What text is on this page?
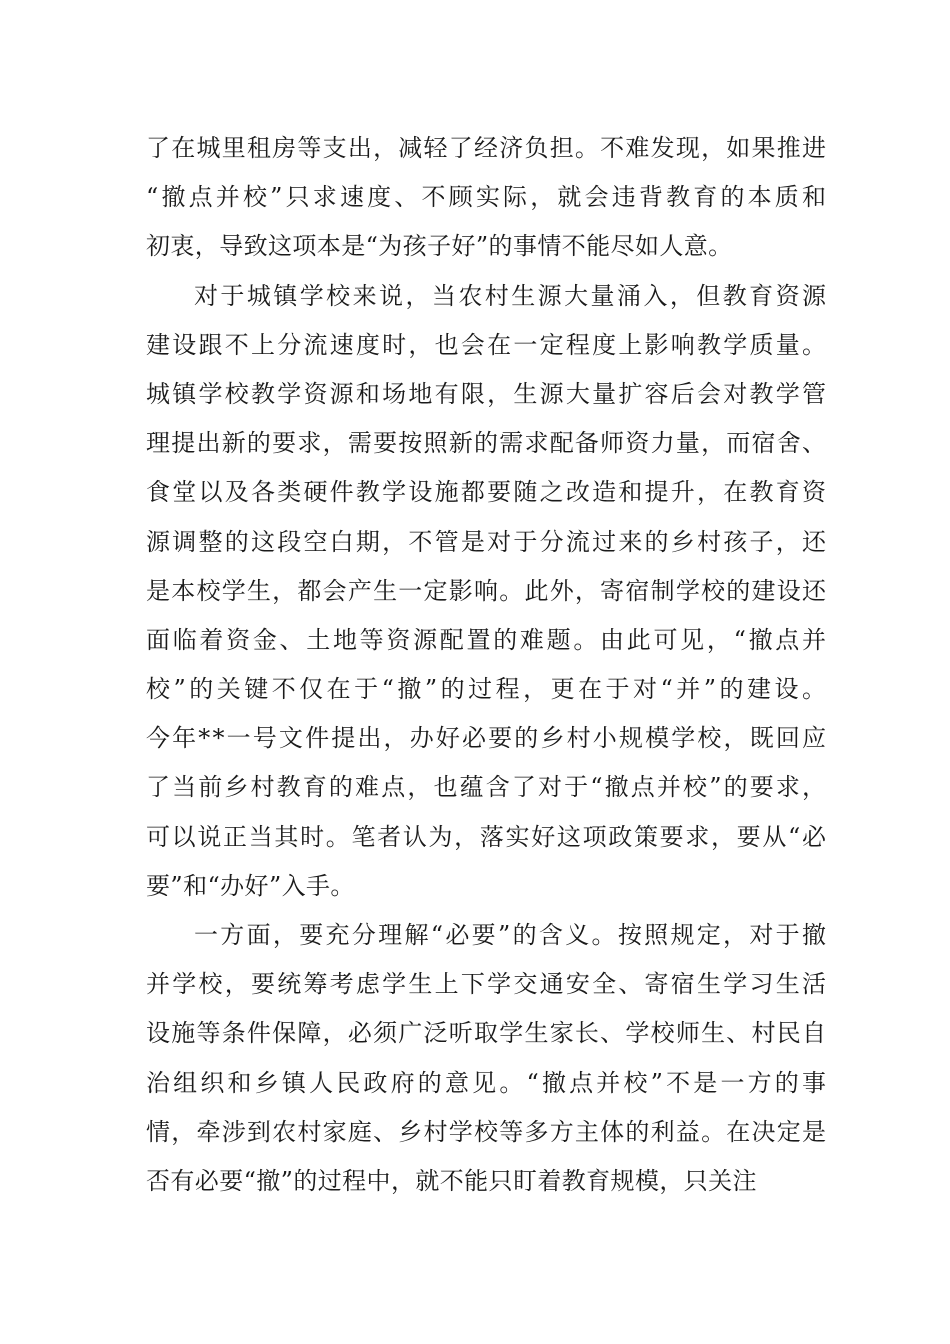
了在城里租房等支出，减轻了经济负担。不难发现，如果推进
“撤点并校”只求速度、不顾实际，就会违背教育的本质和
初衷，导致这项本是“为孩子好”的事情不能尽如人意。
对于城镇学校来说，当农村生源大量涌入，但教育资源
建设跟不上分流速度时，也会在一定程度上影响教学质量。
城镇学校教学资源和场地有限，生源大量扩容后会对教学管
理提出新的要求，需要按照新的需求配备师资力量，而宿舍、
食堂以及各类硬件教学设施都要随之改造和提升，在教育资
源调整的这段空白期，不管是对于分流过来的乡村孩子，还
是本校学生，都会产生一定影响。此外，寄宿制学校的建设还
面临着资金、土地等资源配置的难题。由此可见，“撤点并
校”的关键不仅在于“撤”的过程，更在于对“并”的建设。
今年**一号文件提出，办好必要的乡村小规模学校，既回应
了当前乡村教育的难点，也蕴含了对于“撤点并校”的要求，
可以说正当其时。笔者认为，落实好这项政策要求，要从“必
要”和“办好”入手。
一方面，要充分理解“必要”的含义。按照规定，对于撤
并学校，要统筹考虑学生上下学交通安全、寄宿生学习生活
设施等条件保障，必须广泛听取学生家长、学校师生、村民自
治组织和乡镇人民政府的意见。“撤点并校”不是一方的事
情，牵涉到农村家庭、乡村学校等多方主体的利益。在决定是
否有必要“撤”的过程中，就不能只盯着教育规模，只关注
